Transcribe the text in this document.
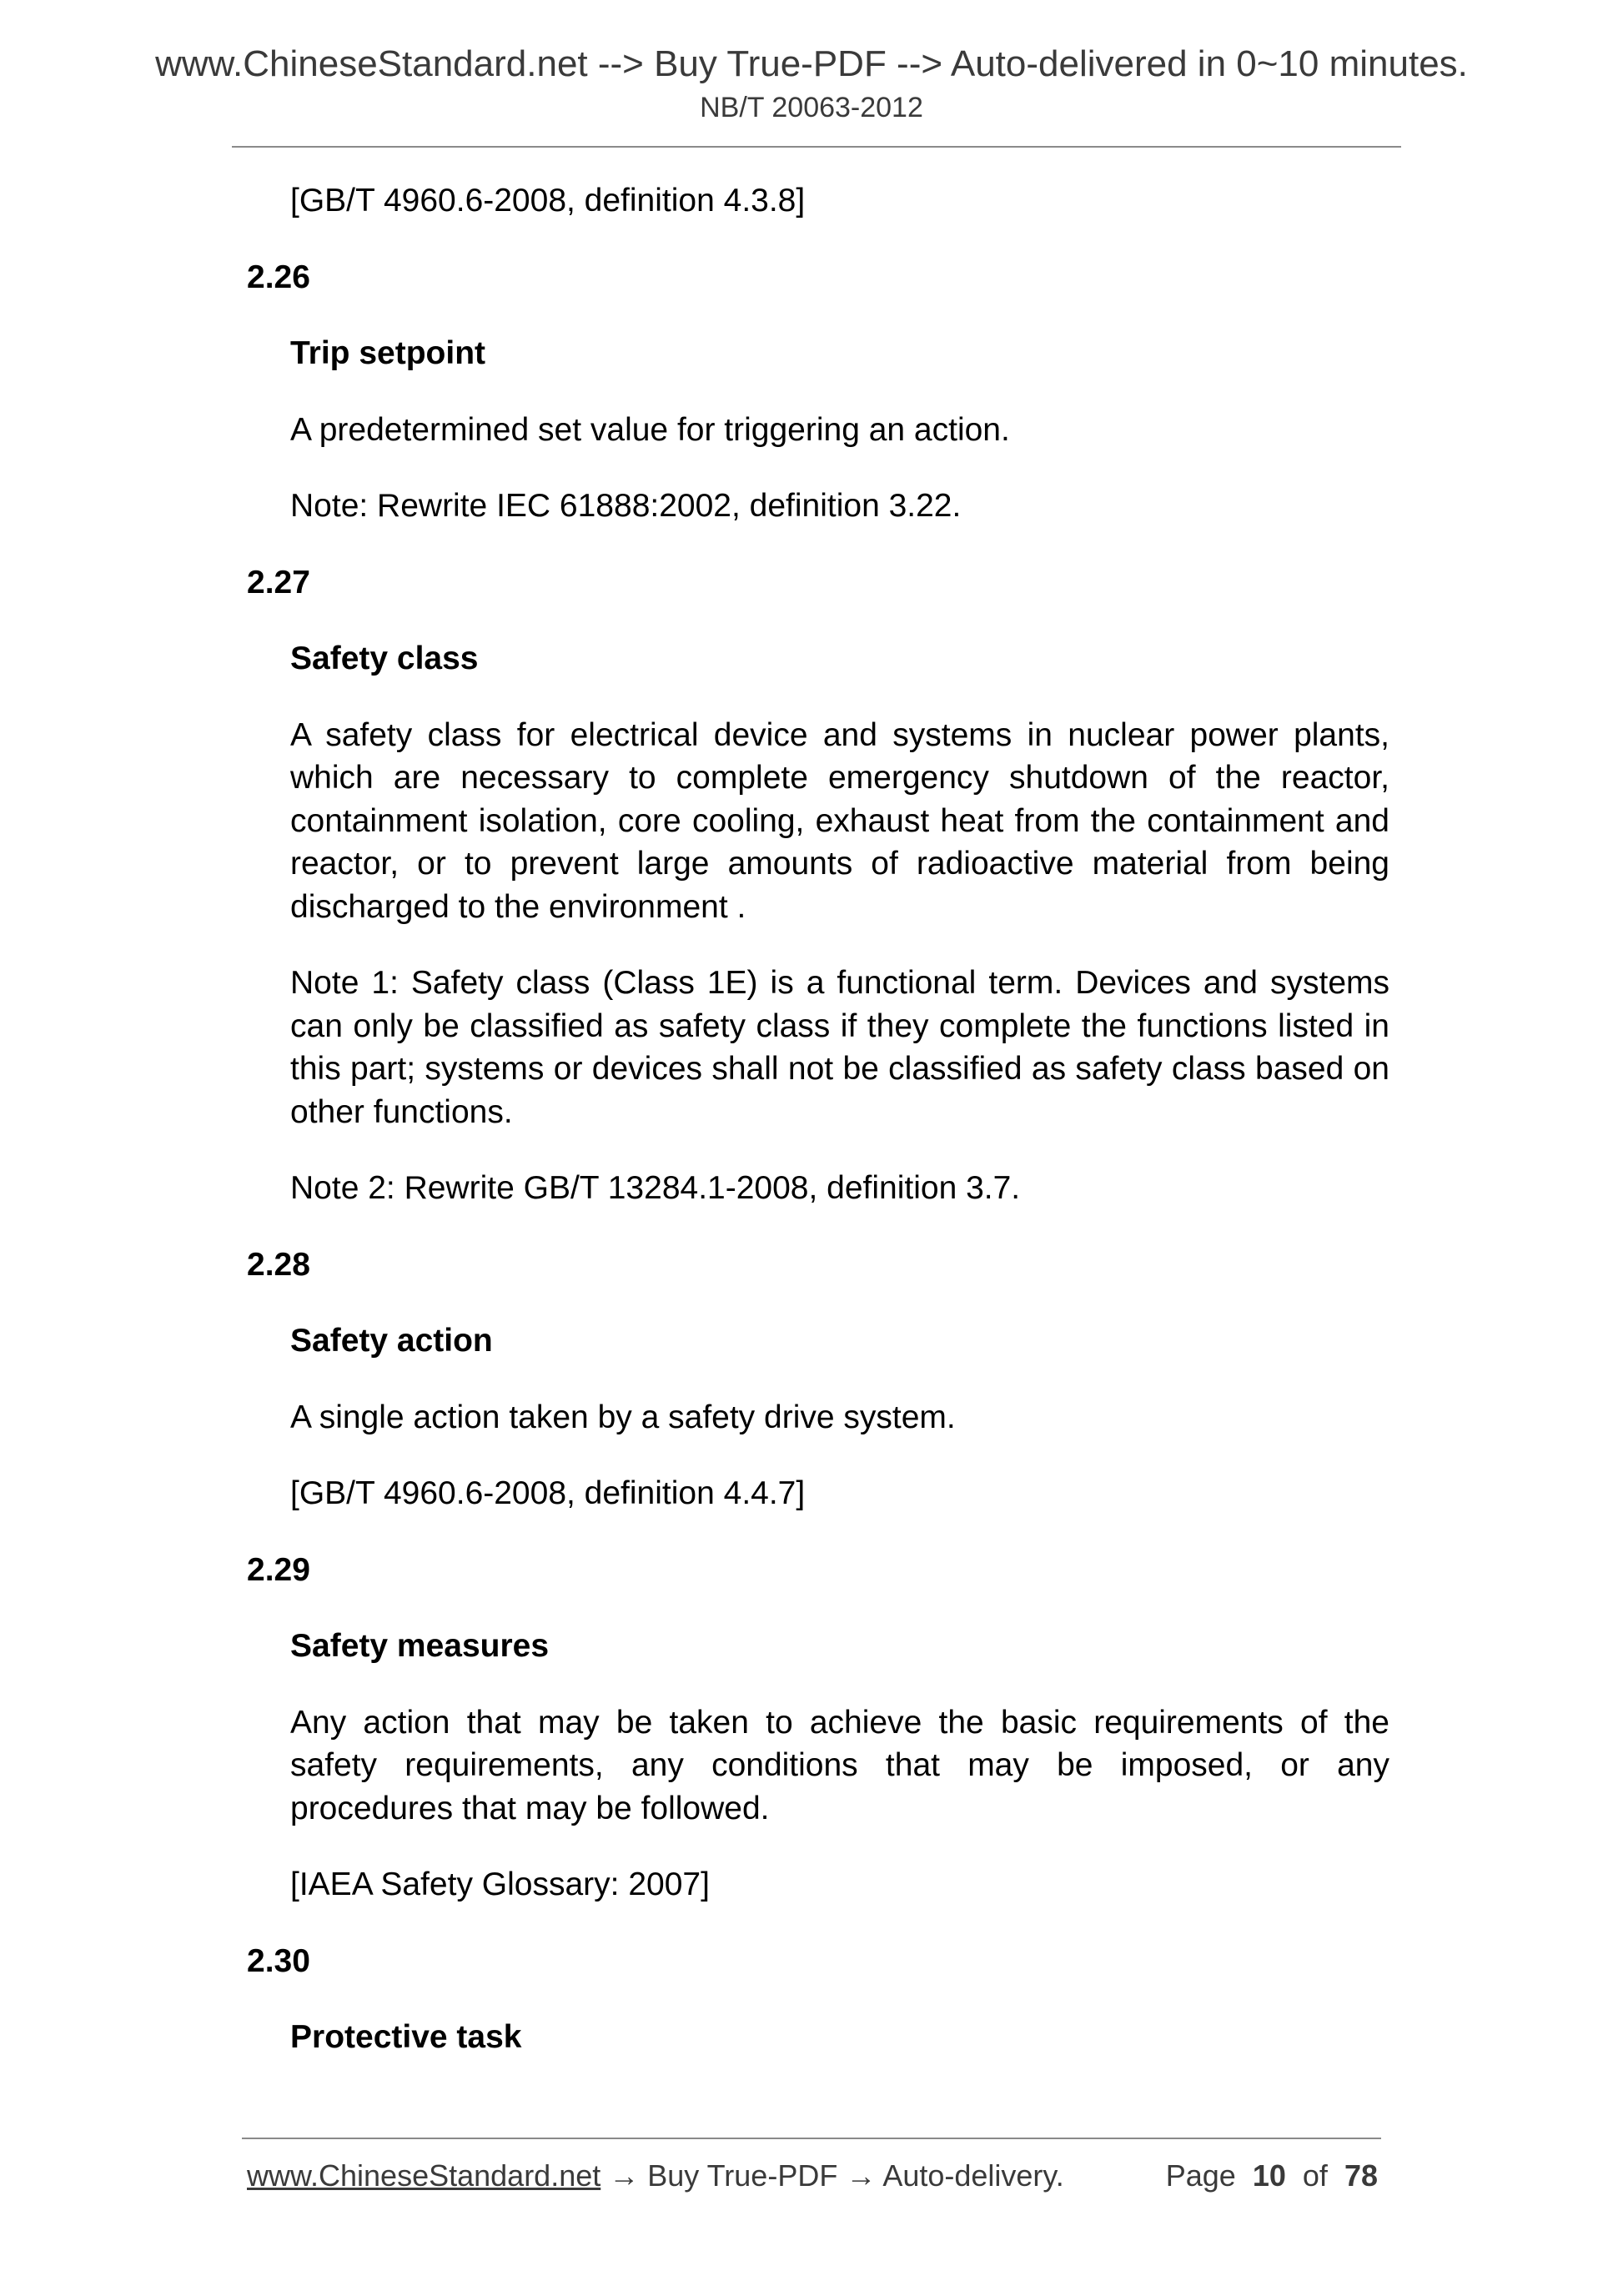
www.ChineseStandard.net --> Buy True-PDF --> Auto-delivered in 0~10 minutes.
NB/T 20063-2012

[GB/T 4960.6-2008, definition 4.3.8]

2.26
Trip setpoint

A predetermined set value for triggering an action.

Note: Rewrite IEC 61888:2002, definition 3.22.

2.27
Safety class

A safety class for electrical device and systems in nuclear power plants, which are necessary to complete emergency shutdown of the reactor, containment isolation, core cooling, exhaust heat from the containment and reactor, or to prevent large amounts of radioactive material from being discharged to the environment .

Note 1: Safety class (Class 1E) is a functional term. Devices and systems can only be classified as safety class if they complete the functions listed in this part; systems or devices shall not be classified as safety class based on other functions.

Note 2: Rewrite GB/T 13284.1-2008, definition 3.7.

2.28
Safety action

A single action taken by a safety drive system.

[GB/T 4960.6-2008, definition 4.4.7]

2.29
Safety measures

Any action that may be taken to achieve the basic requirements of the safety requirements, any conditions that may be imposed, or any procedures that may be followed.

[IAEA Safety Glossary: 2007]

2.30
Protective task
www.ChineseStandard.net → Buy True-PDF → Auto-delivery.	Page 10 of 78
